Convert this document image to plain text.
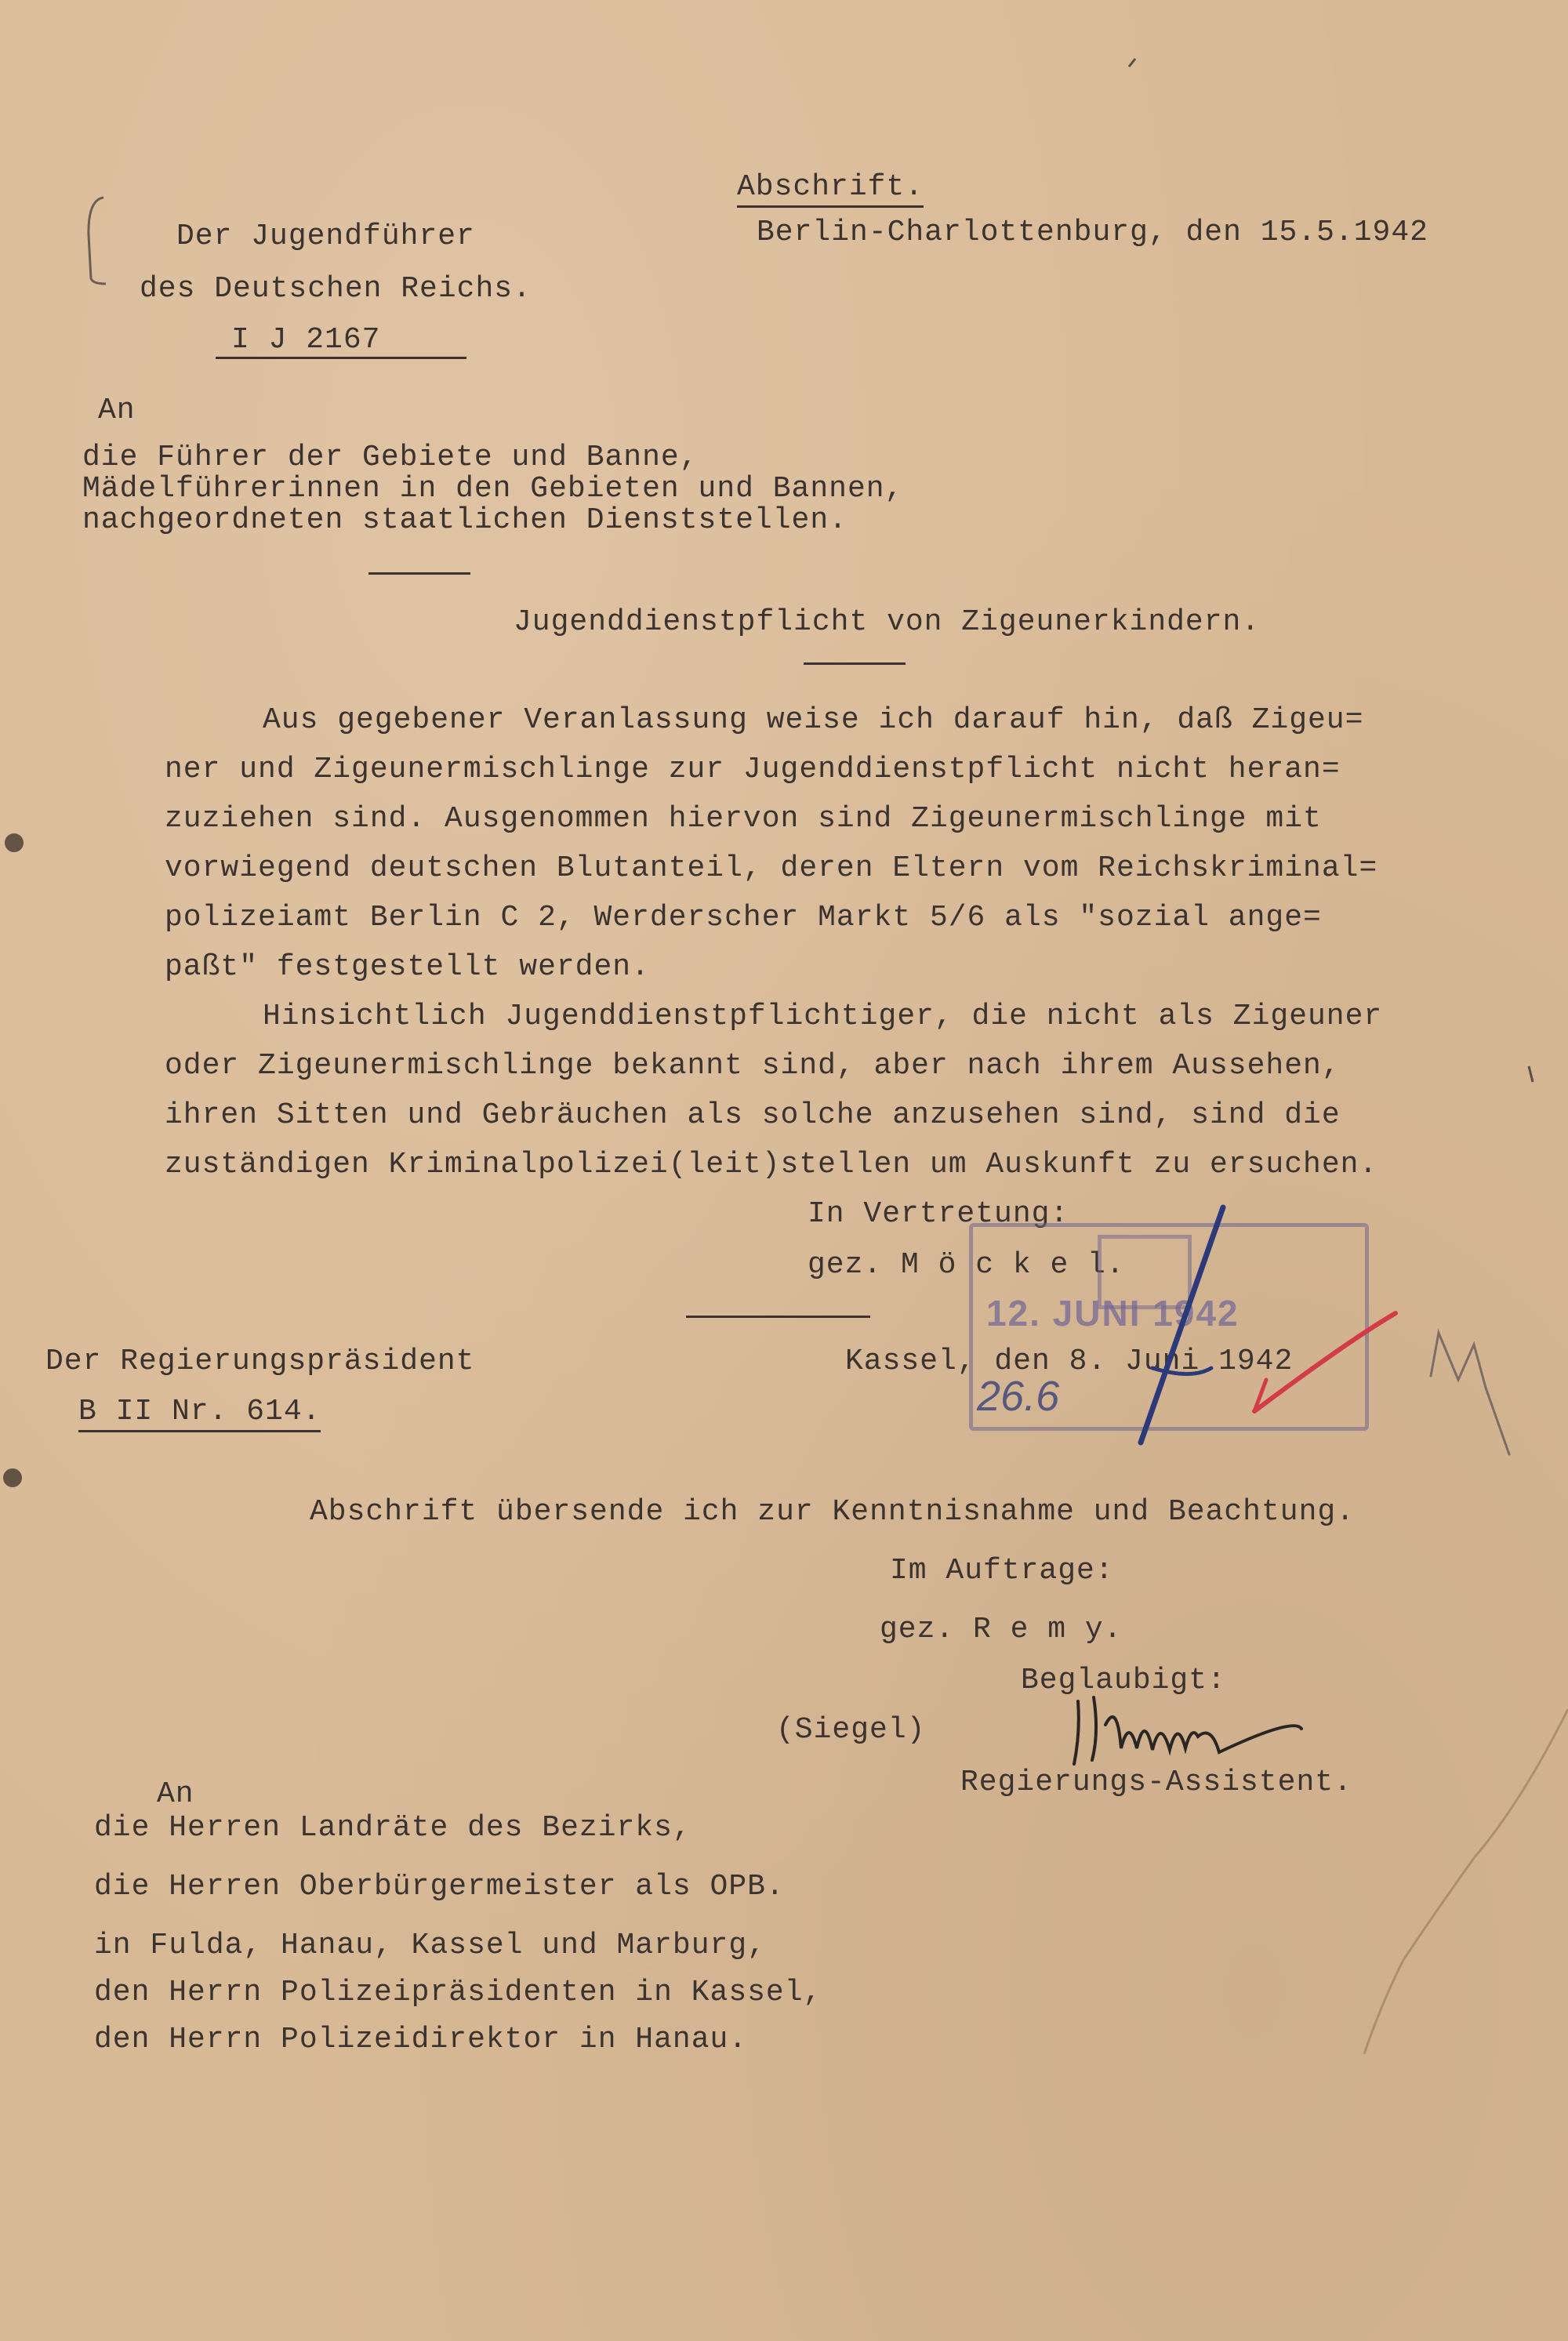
Abschrift.
Berlin-Charlottenburg, den 15.5.1942
Der Jugendführer
des Deutschen Reichs.
I J 2167
An
die Führer der Gebiete und Banne,
Mädelführerinnen in den Gebieten und Bannen,
nachgeordneten staatlichen Dienststellen.
Jugenddienstpflicht von Zigeunerkindern.
Aus gegebener Veranlassung weise ich darauf hin, daß Zigeu=
ner und Zigeunermischlinge zur Jugenddienstpflicht nicht heran=
zuziehen sind. Ausgenommen hiervon sind Zigeunermischlinge mit
vorwiegend deutschen Blutanteil, deren Eltern vom Reichskriminal=
polizeiamt Berlin C 2, Werderscher Markt 5/6 als "sozial ange=
paßt" festgestellt werden.
Hinsichtlich Jugenddienstpflichtiger, die nicht als Zigeuner
oder Zigeunermischlinge bekannt sind, aber nach ihrem Aussehen,
ihren Sitten und Gebräuchen als solche anzusehen sind, sind die
zuständigen Kriminalpolizei(leit)stellen um Auskunft zu ersuchen.
In Vertretung:
gez. M ö c k e l.
12. JUNI 1942
26.6
Der Regierungspräsident
B II Nr. 614.
Kassel, den 8. Juni 1942
Abschrift übersende ich zur Kenntnisnahme und Beachtung.
Im Auftrage:
gez. R e m y.
Beglaubigt:
(Siegel)
Regierungs-Assistent.
An
die Herren Landräte des Bezirks,
die Herren Oberbürgermeister als OPB.
in Fulda, Hanau, Kassel und Marburg,
den Herrn Polizeipräsidenten in Kassel,
den Herrn Polizeidirektor in Hanau.
